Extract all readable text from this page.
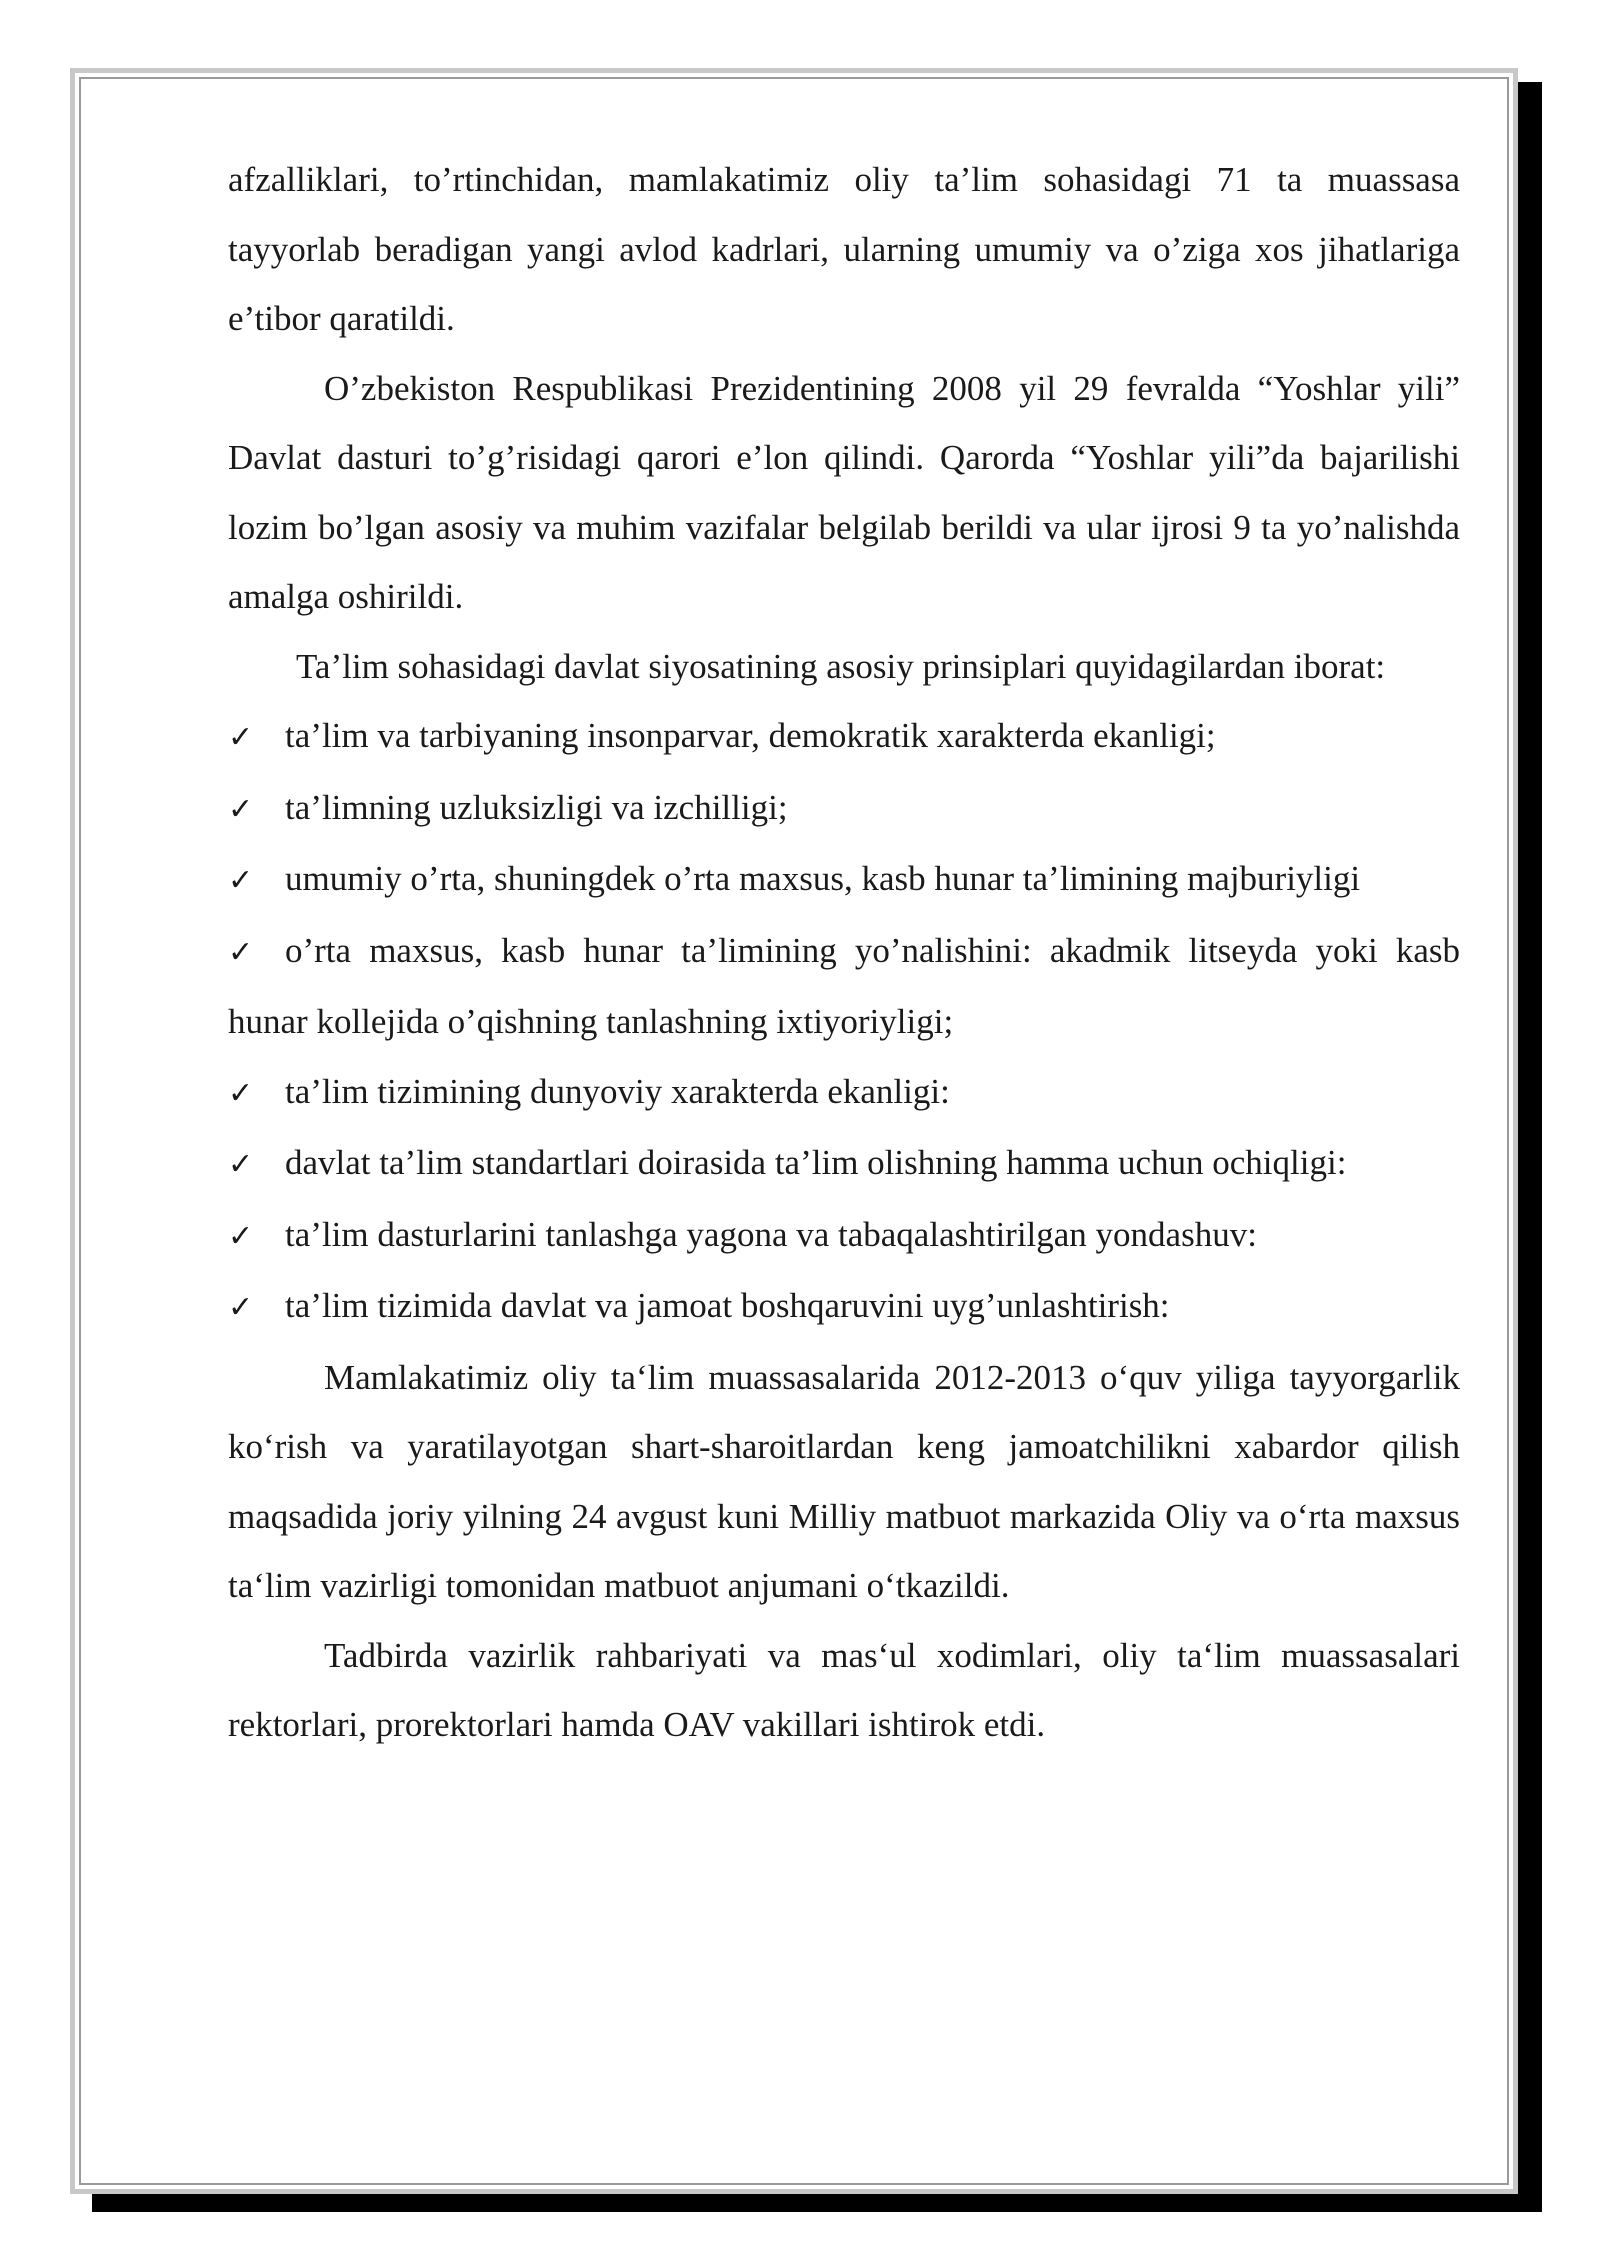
afzalliklari, to’rtinchidan, mamlakatimiz oliy ta’lim sohasidagi 71 ta muassasa tayyorlab beradigan yangi avlod kadrlari, ularning umumiy va o’ziga xos jihatlariga e’tibor qaratildi.

O’zbekiston Respublikasi Prezidentining 2008 yil 29 fevralda “Yoshlar yili” Davlat dasturi to’g’risidagi qarori e’lon qilindi. Qarorda “Yoshlar yili”da bajarilishi lozim bo’lgan asosiy va muhim vazifalar belgilab berildi va ular ijrosi 9 ta yo’nalishda amalga oshirildi.

Ta’lim sohasidagi davlat siyosatining asosiy prinsiplari quyidagilardan iborat:

✓ ta’lim va tarbiyaning insonparvar, demokratik xarakterda ekanligi;

✓ ta’limning uzluksizligi va izchilligi;

✓ umumiy o’rta, shuningdek o’rta maxsus, kasb hunar ta’limining majburiyligi

✓ o’rta maxsus, kasb hunar ta’limining yo’nalishini: akadmik litseyda yoki kasb hunar kollejida o’qishning tanlashning ixtiyoriyligi;

✓ ta’lim tizimining dunyoviy xarakterda ekanligi:

✓ davlat ta’lim standartlari doirasida ta’lim olishning hamma uchun ochiqligi:

✓ ta’lim dasturlarini tanlashga yagona va tabaqalashtirilgan yondashuv:

✓ ta’lim tizimida davlat va jamoat boshqaruvini uyg’unlashtirish:

Mamlakatimiz oliy ta‘lim muassasalarida 2012-2013 o‘quv yiliga tayyorgarlik ko‘rish va yaratilayotgan shart-sharoitlardan keng jamoatchilikni xabardor qilish maqsadida joriy yilning 24 avgust kuni Milliy matbuot markazida Oliy va o‘rta maxsus ta‘lim vazirligi tomonidan matbuot anjumani o‘tkazildi.

Tadbirda vazirlik rahbariyati va mas‘ul xodimlari, oliy ta‘lim muassasalari rektorlari, prorektorlari hamda OAV vakillari ishtirok etdi.
